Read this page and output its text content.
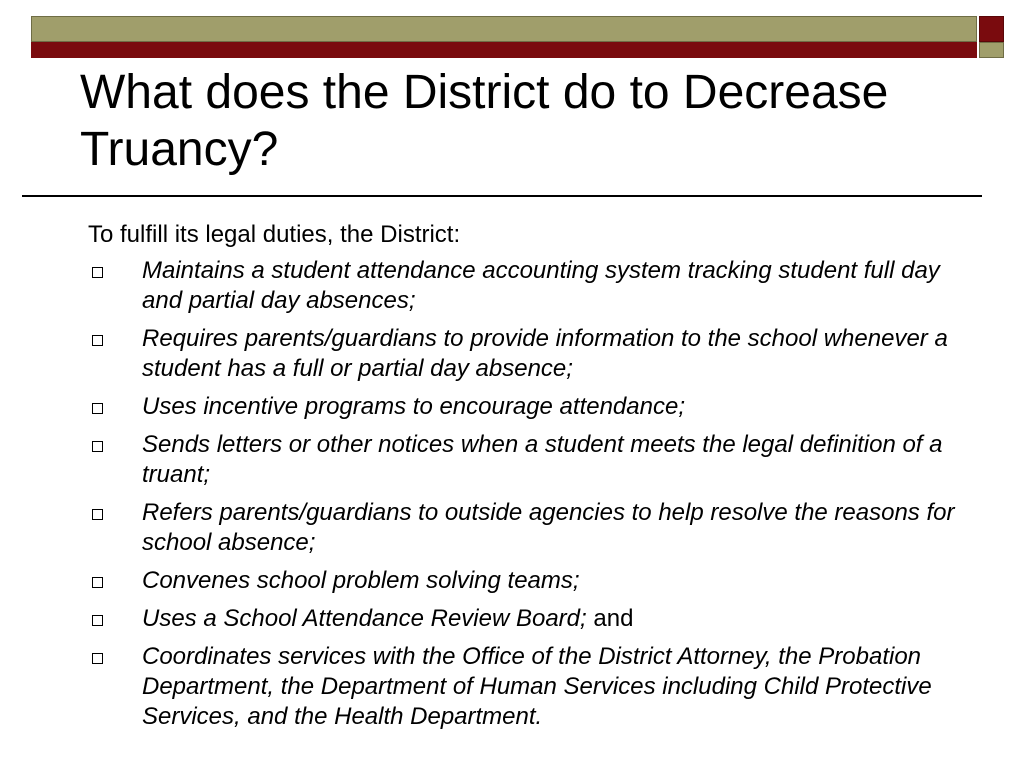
What does the District do to Decrease Truancy?

To fulfill its legal duties, the District:

Maintains a student attendance accounting system tracking student full day and partial day absences;
Requires parents/guardians to provide information to the school whenever a student has a full or partial day absence;
Uses incentive programs to encourage attendance;
Sends letters or other notices when a student meets the legal definition of a truant;
Refers parents/guardians to outside agencies to help resolve the reasons for school absence;
Convenes school problem solving teams;
Uses a School Attendance Review Board; and
Coordinates services with the Office of the District Attorney, the Probation Department, the Department of Human Services including Child Protective Services, and the Health Department.
